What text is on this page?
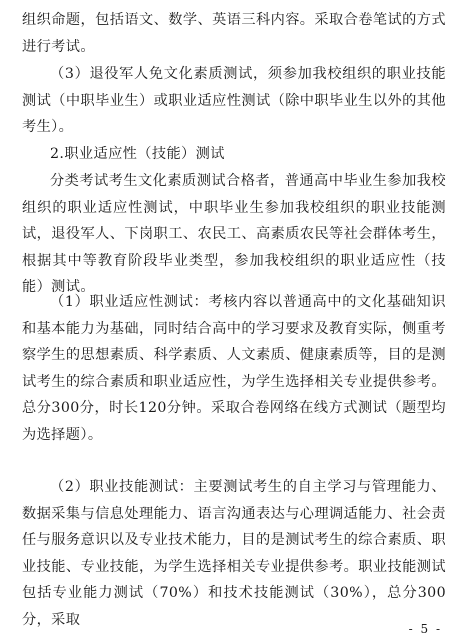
组织命题，包括语文、数学、英语三科内容。采取合卷笔试的方式进行考试。
（3）退役军人免文化素质测试，须参加我校组织的职业技能测试（中职毕业生）或职业适应性测试（除中职毕业生以外的其他考生）。
2.职业适应性（技能）测试
分类考试考生文化素质测试合格者，普通高中毕业生参加我校组织的职业适应性测试，中职毕业生参加我校组织的职业技能测试，退役军人、下岗职工、农民工、高素质农民等社会群体考生，根据其中等教育阶段毕业类型，参加我校组织的职业适应性（技能）测试。
（1）职业适应性测试：考核内容以普通高中的文化基础知识和基本能力为基础，同时结合高中的学习要求及教育实际，侧重考察学生的思想素质、科学素质、人文素质、健康素质等，目的是测试考生的综合素质和职业适应性，为学生选择相关专业提供参考。总分300分，时长120分钟。采取合卷网络在线方式测试（题型均为选择题）。
（2）职业技能测试：主要测试考生的自主学习与管理能力、数据采集与信息处理能力、语言沟通表达与心理调适能力、社会责任与服务意识以及专业技术能力，目的是测试考生的综合素质、职业技能、专业技能，为学生选择相关专业提供参考。职业技能测试包括专业能力测试（70%）和技术技能测试（30%），总分300分，采取
- 5 -
